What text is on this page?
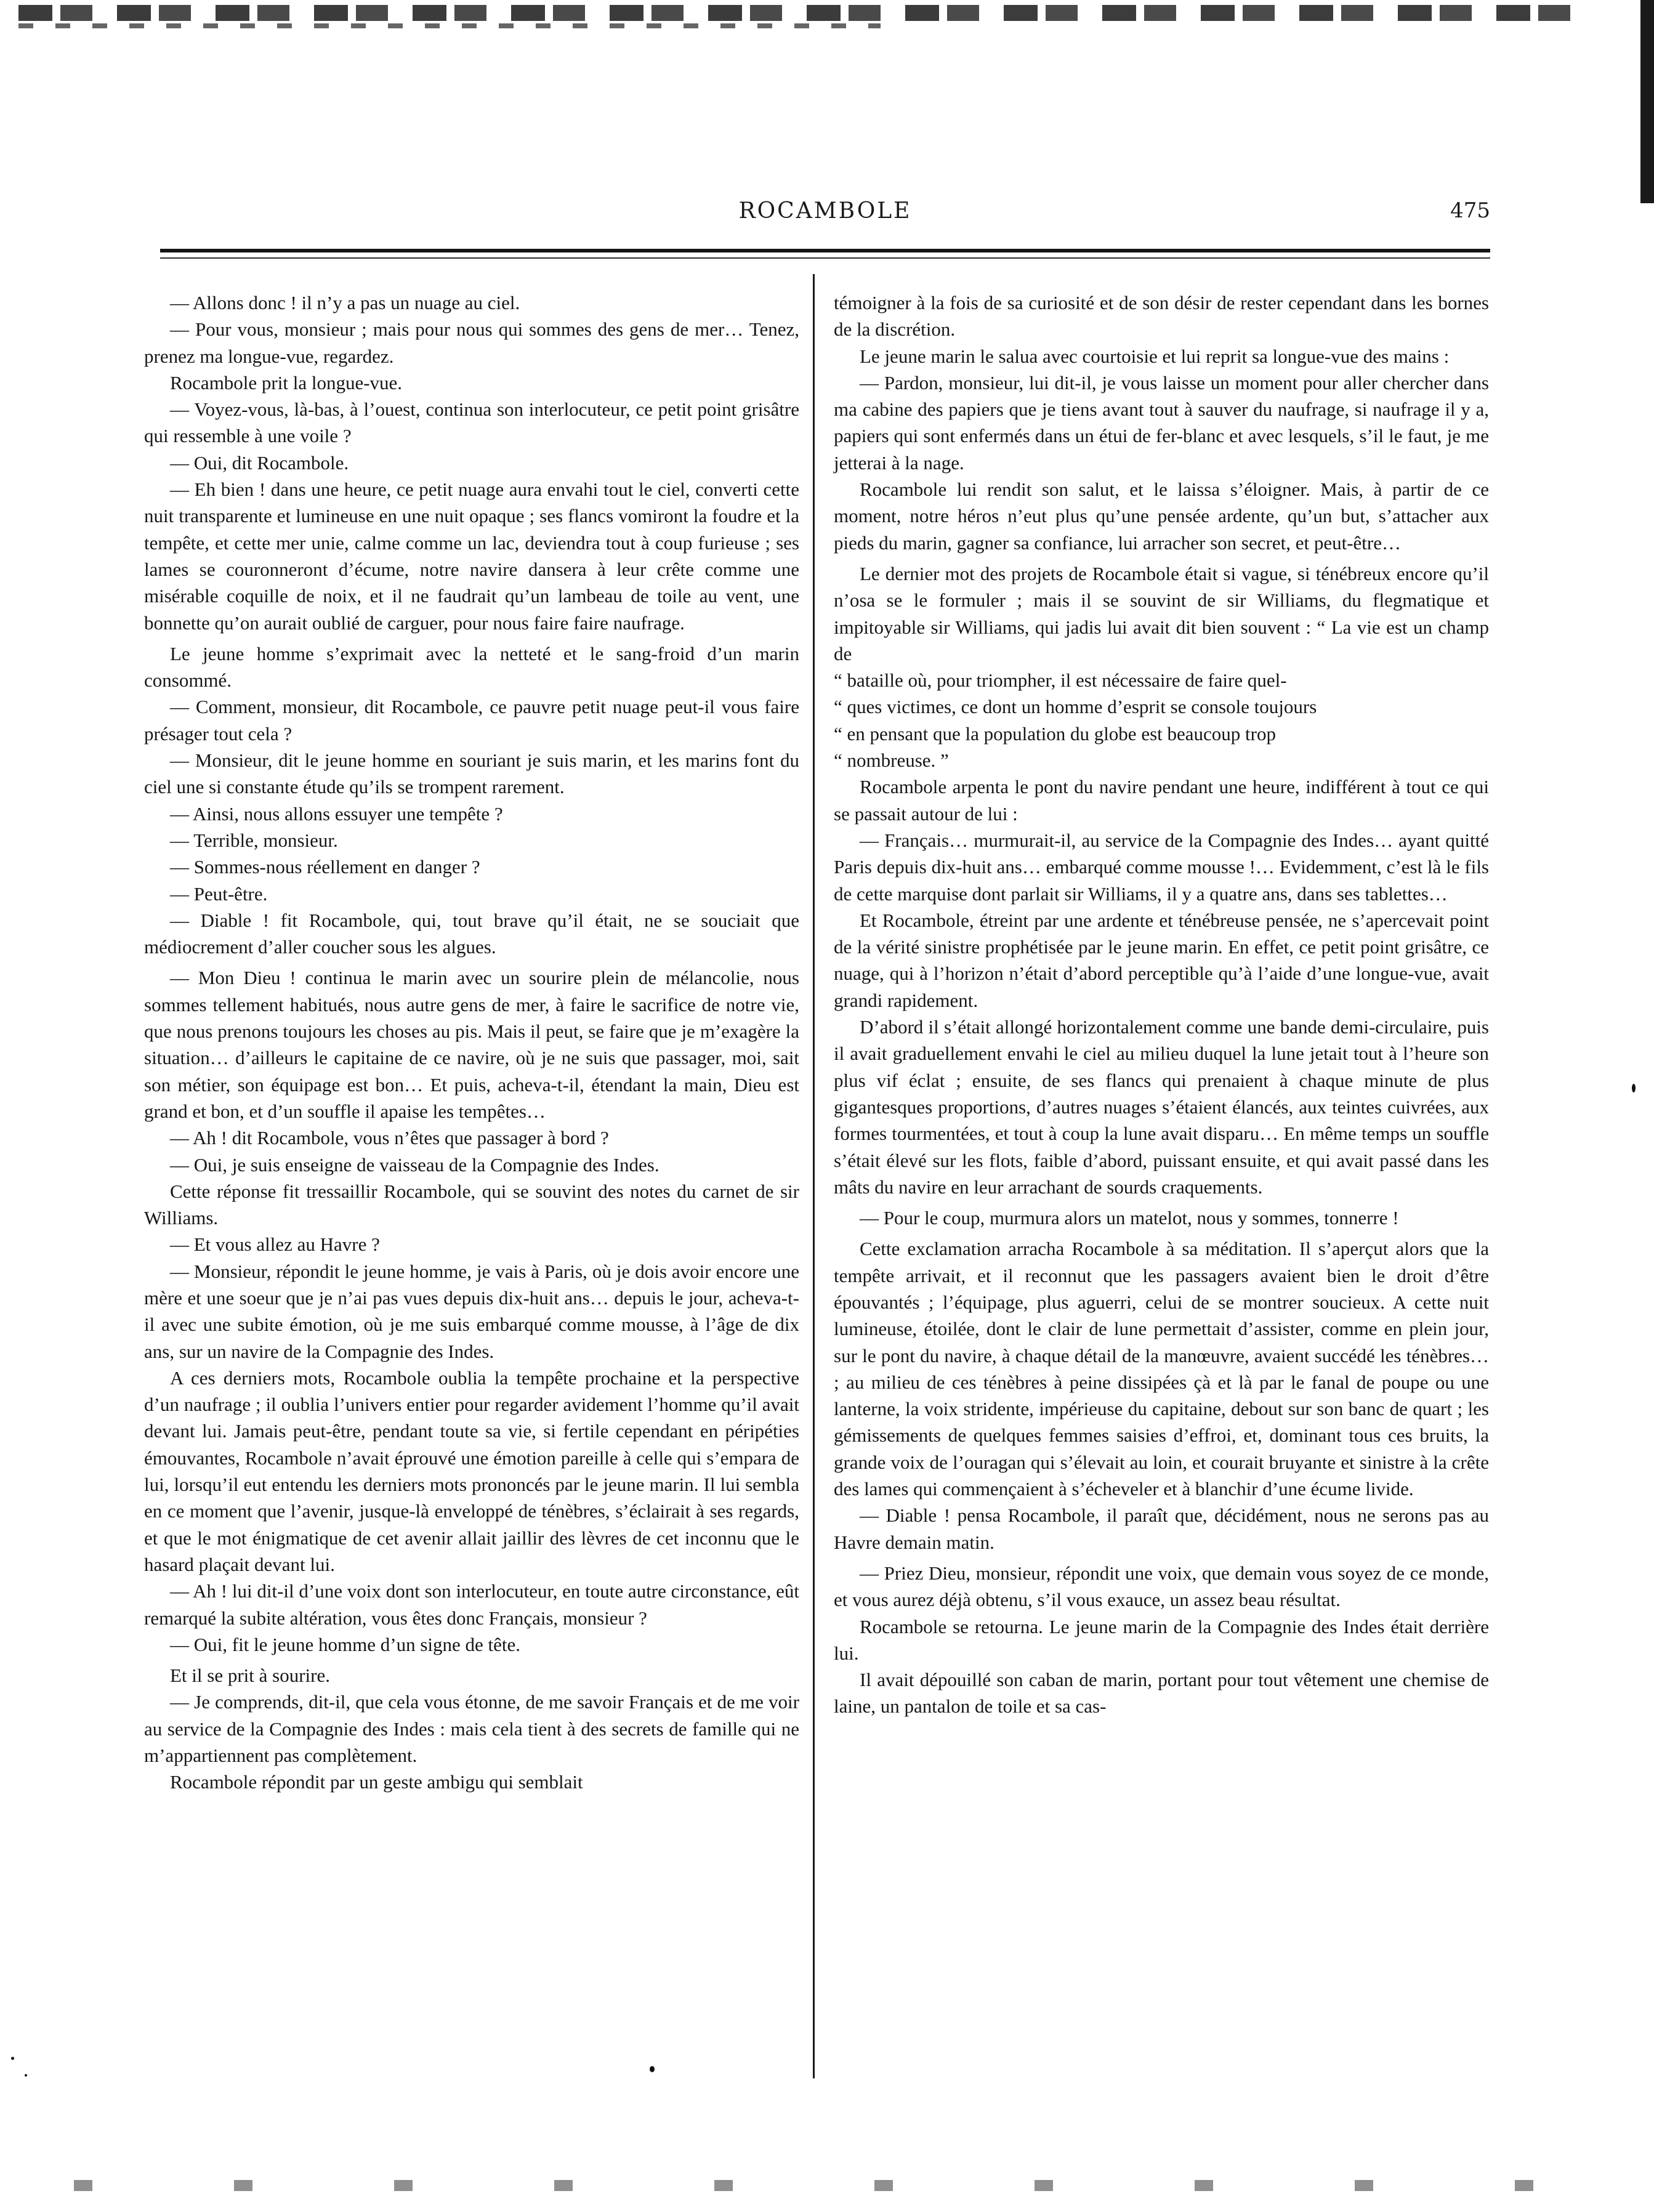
ROCAMBOLE	475

— Allons donc ! il n’y a pas un nuage au ciel.

— Pour vous, monsieur ; mais pour nous qui sommes des gens de mer… Tenez, prenez ma longue-vue, regardez.

Rocambole prit la longue-vue.

— Voyez-vous, là-bas, à l’ouest, continua son interlocuteur, ce petit point grisâtre qui ressemble à une voile ?

— Oui, dit Rocambole.

— Eh bien ! dans une heure, ce petit nuage aura envahi tout le ciel, converti cette nuit transparente et lumineuse en une nuit opaque ; ses flancs vomiront la foudre et la tempête, et cette mer unie, calme comme un lac, deviendra tout à coup furieuse ; ses lames se couronneront d’écume, notre navire dansera à leur crête comme une misérable coquille de noix, et il ne faudrait qu’un lambeau de toile au vent, une bonnette qu’on aurait oublié de carguer, pour nous faire faire naufrage.

Le jeune homme s’exprimait avec la netteté et le sang-froid d’un marin consommé.

— Comment, monsieur, dit Rocambole, ce pauvre petit nuage peut-il vous faire présager tout cela ?

— Monsieur, dit le jeune homme en souriant je suis marin, et les marins font du ciel une si constante étude qu’ils se trompent rarement.

— Ainsi, nous allons essuyer une tempête ?

— Terrible, monsieur.

— Sommes-nous réellement en danger ?

— Peut-être.

— Diable ! fit Rocambole, qui, tout brave qu’il était, ne se souciait que médiocrement d’aller coucher sous les algues.

— Mon Dieu ! continua le marin avec un sourire plein de mélancolie, nous sommes tellement habitués, nous autre gens de mer, à faire le sacrifice de notre vie, que nous prenons toujours les choses au pis. Mais il peut, se faire que je m’exagère la situation… d’ailleurs le capitaine de ce navire, où je ne suis que passager, moi, sait son métier, son équipage est bon… Et puis, acheva-t-il, étendant la main, Dieu est grand et bon, et d’un souffle il apaise les tempêtes…

— Ah ! dit Rocambole, vous n’êtes que passager à bord ?

— Oui, je suis enseigne de vaisseau de la Compagnie des Indes.

Cette réponse fit tressaillir Rocambole, qui se souvint des notes du carnet de sir Williams.

— Et vous allez au Havre ?

— Monsieur, répondit le jeune homme, je vais à Paris, où je dois avoir encore une mère et une soeur que je n’ai pas vues depuis dix-huit ans… depuis le jour, acheva-t-il avec une subite émotion, où je me suis embarqué comme mousse, à l’âge de dix ans, sur un navire de la Compagnie des Indes.

A ces derniers mots, Rocambole oublia la tempête prochaine et la perspective d’un naufrage ; il oublia l’univers entier pour regarder avidement l’homme qu’il avait devant lui. Jamais peut-être, pendant toute sa vie, si fertile cependant en péripéties émouvantes, Rocambole n’avait éprouvé une émotion pareille à celle qui s’empara de lui, lorsqu’il eut entendu les derniers mots prononcés par le jeune marin. Il lui sembla en ce moment que l’avenir, jusque-là enveloppé de ténèbres, s’éclairait à ses regards, et que le mot énigmatique de cet avenir allait jaillir des lèvres de cet inconnu que le hasard plaçait devant lui.

— Ah ! lui dit-il d’une voix dont son interlocuteur, en toute autre circonstance, eût remarqué la subite altération, vous êtes donc Français, monsieur ?

— Oui, fit le jeune homme d’un signe de tête.

Et il se prit à sourire.

— Je comprends, dit-il, que cela vous étonne, de me savoir Français et de me voir au service de la Compagnie des Indes : mais cela tient à des secrets de famille qui ne m’appartiennent pas complètement.

Rocambole répondit par un geste ambigu qui semblait

témoigner à la fois de sa curiosité et de son désir de rester cependant dans les bornes de la discrétion.

Le jeune marin le salua avec courtoisie et lui reprit sa longue-vue des mains :

— Pardon, monsieur, lui dit-il, je vous laisse un moment pour aller chercher dans ma cabine des papiers que je tiens avant tout à sauver du naufrage, si naufrage il y a, papiers qui sont enfermés dans un étui de fer-blanc et avec lesquels, s’il le faut, je me jetterai à la nage.

Rocambole lui rendit son salut, et le laissa s’éloigner. Mais, à partir de ce moment, notre héros n’eut plus qu’une pensée ardente, qu’un but, s’attacher aux pieds du marin, gagner sa confiance, lui arracher son secret, et peut-être…

Le dernier mot des projets de Rocambole était si vague, si ténébreux encore qu’il n’osa se le formuler ; mais il se souvint de sir Williams, du flegmatique et impitoyable sir Williams, qui jadis lui avait dit bien souvent : “ La vie est un champ de

“ bataille où, pour triompher, il est nécessaire de faire quel-

“ ques victimes, ce dont un homme d’esprit se console toujours

“ en pensant que la population du globe est beaucoup trop

“ nombreuse. ”

Rocambole arpenta le pont du navire pendant une heure, indifférent à tout ce qui se passait autour de lui :

— Français… murmurait-il, au service de la Compagnie des Indes… ayant quitté Paris depuis dix-huit ans… embarqué comme mousse !… Evidemment, c’est là le fils de cette marquise dont parlait sir Williams, il y a quatre ans, dans ses tablettes…

Et Rocambole, étreint par une ardente et ténébreuse pensée, ne s’apercevait point de la vérité sinistre prophétisée par le jeune marin. En effet, ce petit point grisâtre, ce nuage, qui à l’horizon n’était d’abord perceptible qu’à l’aide d’une longue-vue, avait grandi rapidement.

D’abord il s’était allongé horizontalement comme une bande demi-circulaire, puis il avait graduellement envahi le ciel au milieu duquel la lune jetait tout à l’heure son plus vif éclat ; ensuite, de ses flancs qui prenaient à chaque minute de plus gigantesques proportions, d’autres nuages s’étaient élancés, aux teintes cuivrées, aux formes tourmentées, et tout à coup la lune avait disparu… En même temps un souffle s’était élevé sur les flots, faible d’abord, puissant ensuite, et qui avait passé dans les mâts du navire en leur arrachant de sourds craquements.

— Pour le coup, murmura alors un matelot, nous y sommes, tonnerre !

Cette exclamation arracha Rocambole à sa méditation. Il s’aperçut alors que la tempête arrivait, et il reconnut que les passagers avaient bien le droit d’être épouvantés ; l’équipage, plus aguerri, celui de se montrer soucieux. A cette nuit lumineuse, étoilée, dont le clair de lune permettait d’assister, comme en plein jour, sur le pont du navire, à chaque détail de la manœuvre, avaient succédé les ténèbres… ; au milieu de ces ténèbres à peine dissipées çà et là par le fanal de poupe ou une lanterne, la voix stridente, impérieuse du capitaine, debout sur son banc de quart ; les gémissements de quelques femmes saisies d’effroi, et, dominant tous ces bruits, la grande voix de l’ouragan qui s’élevait au loin, et courait bruyante et sinistre à la crête des lames qui commençaient à s’écheveler et à blanchir d’une écume livide.

— Diable ! pensa Rocambole, il paraît que, décidément, nous ne serons pas au Havre demain matin.

— Priez Dieu, monsieur, répondit une voix, que demain vous soyez de ce monde, et vous aurez déjà obtenu, s’il vous exauce, un assez beau résultat.

Rocambole se retourna. Le jeune marin de la Compagnie des Indes était derrière lui.

Il avait dépouillé son caban de marin, portant pour tout vêtement une chemise de laine, un pantalon de toile et sa cas-
